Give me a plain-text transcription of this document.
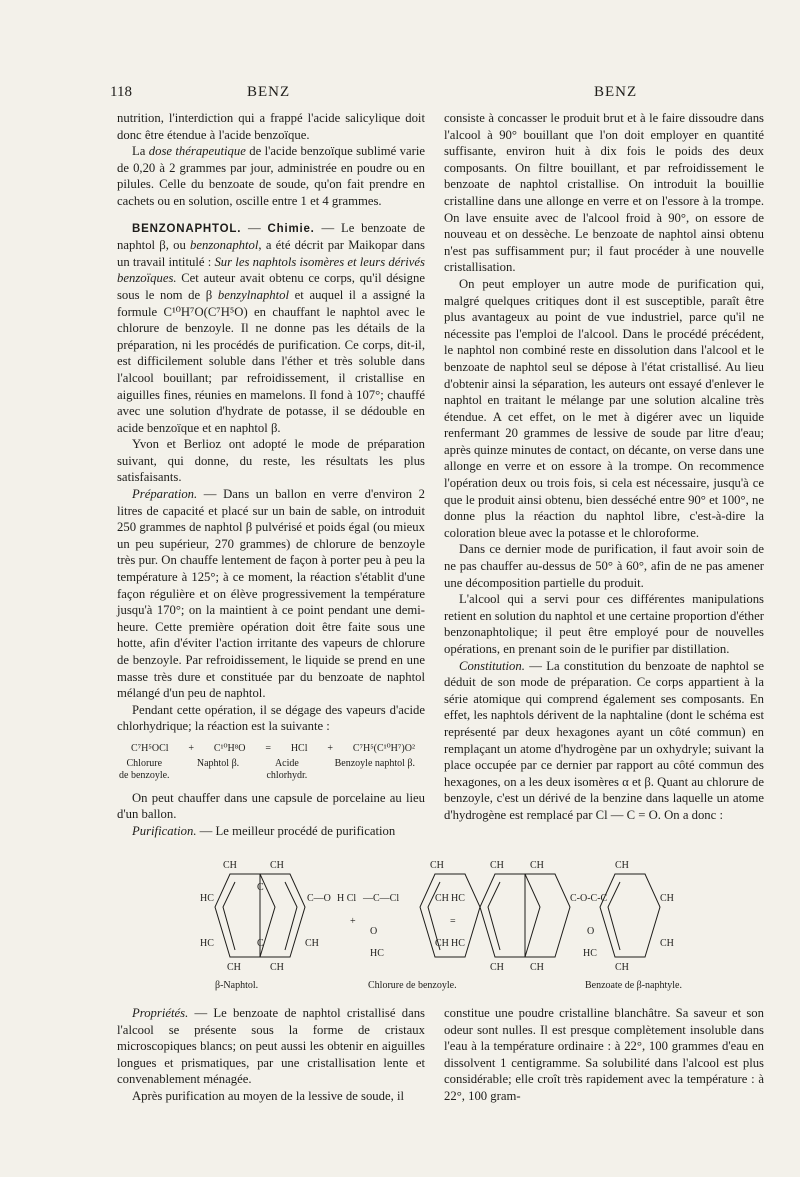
118	BENZ	BENZ

nutrition, l'interdiction qui a frappé l'acide salicylique doit donc être étendue à l'acide benzoïque.

La dose thérapeutique de l'acide benzoïque sublimé varie de 0,20 à 2 grammes par jour, administrée en poudre ou en pilules. Celle du benzoate de soude, qu'on fait prendre en cachets ou en solution, oscille entre 1 et 4 grammes.

BENZONAPHTOL. — Chimie. — Le benzoate de naphtol β, ou benzonaphtol, a été décrit par Maikopar dans un travail intitulé : Sur les naphtols isomères et leurs dérivés benzoïques. Cet auteur avait obtenu ce corps, qu'il désigne sous le nom de β benzylnaphtol et auquel il a assigné la formule C¹⁰H⁷O(C⁷H⁵O) en chauffant le naphtol avec le chlorure de benzoyle. Il ne donne pas les détails de la préparation, ni les procédés de purification. Ce corps, dit-il, est difficilement soluble dans l'éther et très soluble dans l'alcool bouillant; par refroidissement, il cristallise en aiguilles fines, réunies en mamelons. Il fond à 107°; chauffé avec une solution d'hydrate de potasse, il se dédouble en acide benzoïque et en naphtol β.

Yvon et Berlioz ont adopté le mode de préparation suivant, qui donne, du reste, les résultats les plus satisfaisants.

Préparation. — Dans un ballon en verre d'environ 2 litres de capacité et placé sur un bain de sable, on introduit 250 grammes de naphtol β pulvérisé et poids égal (ou mieux un peu supérieur, 270 grammes) de chlorure de benzoyle très pur. On chauffe lentement de façon à porter peu à peu la température à 125°; à ce moment, la réaction s'établit d'une façon régulière et on élève progressivement la température jusqu'à 170°; on la maintient à ce point pendant une demi-heure. Cette première opération doit être faite sous une hotte, afin d'éviter l'action irritante des vapeurs de chlorure de benzoyle. Par refroidissement, le liquide se prend en une masse très dure et constituée par du benzoate de naphtol mélangé d'un peu de naphtol.

Pendant cette opération, il se dégage des vapeurs d'acide chlorhydrique; la réaction est la suivante :

C⁷H⁵OCl + C¹⁰H⁸O = HCl + C⁷H⁵(C¹⁰H⁷)O²
Chlorure
de benzoyle.
Naphtol β.	Acide
chlorhydr.
Benzoyle naphtol β.

On peut chauffer dans une capsule de porcelaine au lieu d'un ballon.

Purification. — Le meilleur procédé de purification

consiste à concasser le produit brut et à le faire dissoudre dans l'alcool à 90° bouillant que l'on doit employer en quantité suffisante, environ huit à dix fois le poids des deux composants. On filtre bouillant, et par refroidissement le benzoate de naphtol cristallise. On introduit la bouillie cristalline dans une allonge en verre et on l'essore à la trompe. On lave ensuite avec de l'alcool froid à 90°, on essore de nouveau et on dessèche. Le benzoate de naphtol ainsi obtenu n'est pas suffisamment pur; il faut procéder à une nouvelle cristallisation.

On peut employer un autre mode de purification qui, malgré quelques critiques dont il est susceptible, paraît être plus avantageux au point de vue industriel, parce qu'il ne nécessite pas l'emploi de l'alcool. Dans le procédé précédent, le naphtol non combiné reste en dissolution dans l'alcool et le benzoate de naphtol seul se dépose à l'état cristallisé. Au lieu d'obtenir ainsi la séparation, les auteurs ont essayé d'enlever le naphtol en traitant le mélange par une solution alcaline très étendue. A cet effet, on le met à digérer avec un liquide renfermant 20 grammes de lessive de soude par litre d'eau; après quinze minutes de contact, on décante, on verse dans une allonge en verre et on essore à la trompe. On recommence l'opération deux ou trois fois, si cela est nécessaire, jusqu'à ce que le produit ainsi obtenu, bien desséché entre 90° et 100°, ne donne plus la réaction du naphtol libre, c'est-à-dire la coloration bleue avec la potasse et le chloroforme.

Dans ce dernier mode de purification, il faut avoir soin de ne pas chauffer au-dessus de 50° à 60°, afin de ne pas amener une décomposition partielle du produit.

L'alcool qui a servi pour ces différentes manipulations retient en solution du naphtol et une certaine proportion d'éther benzonaphtolique; il peut être employé pour de nouvelles opérations, en prenant soin de le purifier par distillation.

Constitution. — La constitution du benzoate de naphtol se déduit de son mode de préparation. Ce corps appartient à la série atomique qui comprend également ses composants. En effet, les naphtols dérivent de la naphtaline (dont le schéma est représenté par deux hexagones ayant un côté commun) en remplaçant un atome d'hydrogène par un oxhydryle; suivant la place occupée par ce dernier par rapport au côté commun des hexagones, on a les deux isomères α et β. Quant au chlorure de benzoyle, c'est un dérivé de la benzine dans laquelle un atome d'hydrogène est remplacé par Cl — C = O. On a donc :

CH	CH
C
HC
HC	CH
C
CH	CH
C—O H Cl —C—Cl
+
O
HC
CH
CH
CH
=
HC
HC
CH	CH	CH
C-O-C-C
O
HC
CH
CH
CH	CH	CH
β-Naphtol.	Chlorure de benzoyle.	Benzoate de β-naphtyle.

Propriétés. — Le benzoate de naphtol cristallisé dans l'alcool se présente sous la forme de cristaux microscopiques blancs; on peut aussi les obtenir en aiguilles longues et prismatiques, par une cristallisation lente et convenablement ménagée.

Après purification au moyen de la lessive de soude, il

constitue une poudre cristalline blanchâtre. Sa saveur et son odeur sont nulles. Il est presque complètement insoluble dans l'eau à la température ordinaire : à 22°, 100 grammes d'eau en dissolvent 1 centigramme. Sa solubilité dans l'alcool est plus considérable; elle croît très rapidement avec la température : à 22°, 100 gram-
